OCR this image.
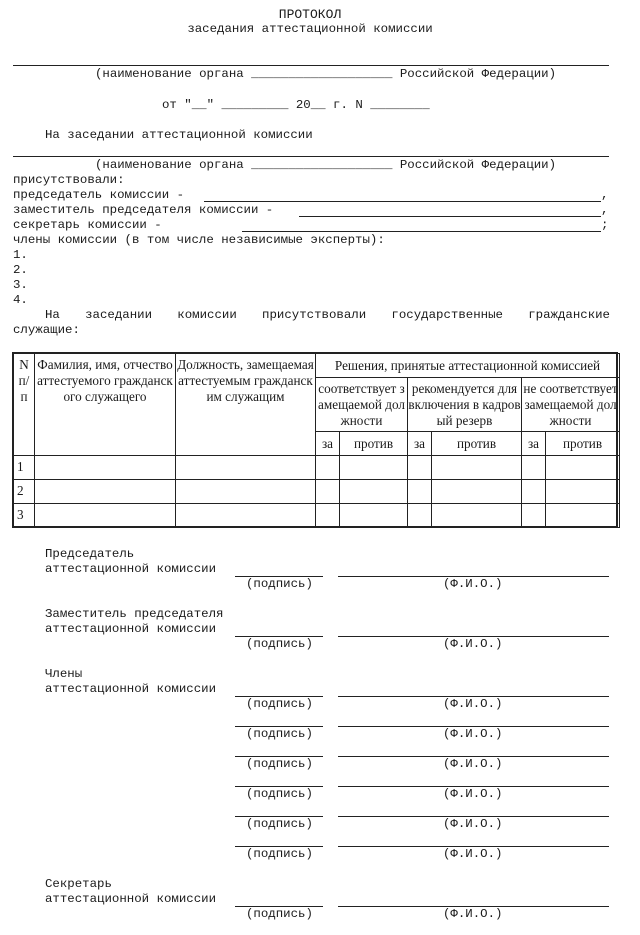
ПРОТОКОЛ
заседания аттестационной комиссии
(наименование органа ___________________ Российской Федерации)
от "__" _________ 20__ г. N ________
На заседании аттестационной комиссии
(наименование органа ___________________ Российской Федерации)
присутствовали:
председатель комиссии -	,
заместитель председателя комиссии -	,
секретарь комиссии -	;
члены комиссии (в том числе независимые эксперты):
1.
2.
3.
4.
На заседании комиссии присутствовали государственные гражданские
служащие:
N п/п	Фамилия, имя, отчество аттестуемого гражданского служащего	Должность, замещаемая аттестуемым гражданским служащим	Решения, принятые аттестационной комиссией					

			соответствует замещаемой должности		рекомендуется для включения в кадровый резерв		не соответствует замещаемой должности	

			за	против	за	против	за	против

1								

2								

3								

Председатель
аттестационной комиссии
(подпись)	(Ф.И.О.)
Заместитель председателя
аттестационной комиссии
(подпись)	(Ф.И.О.)
Члены
аттестационной комиссии
(подпись)	(Ф.И.О.)
(подпись)	(Ф.И.О.)
(подпись)	(Ф.И.О.)
(подпись)	(Ф.И.О.)
(подпись)	(Ф.И.О.)
(подпись)	(Ф.И.О.)
Секретарь
аттестационной комиссии
(подпись)	(Ф.И.О.)
